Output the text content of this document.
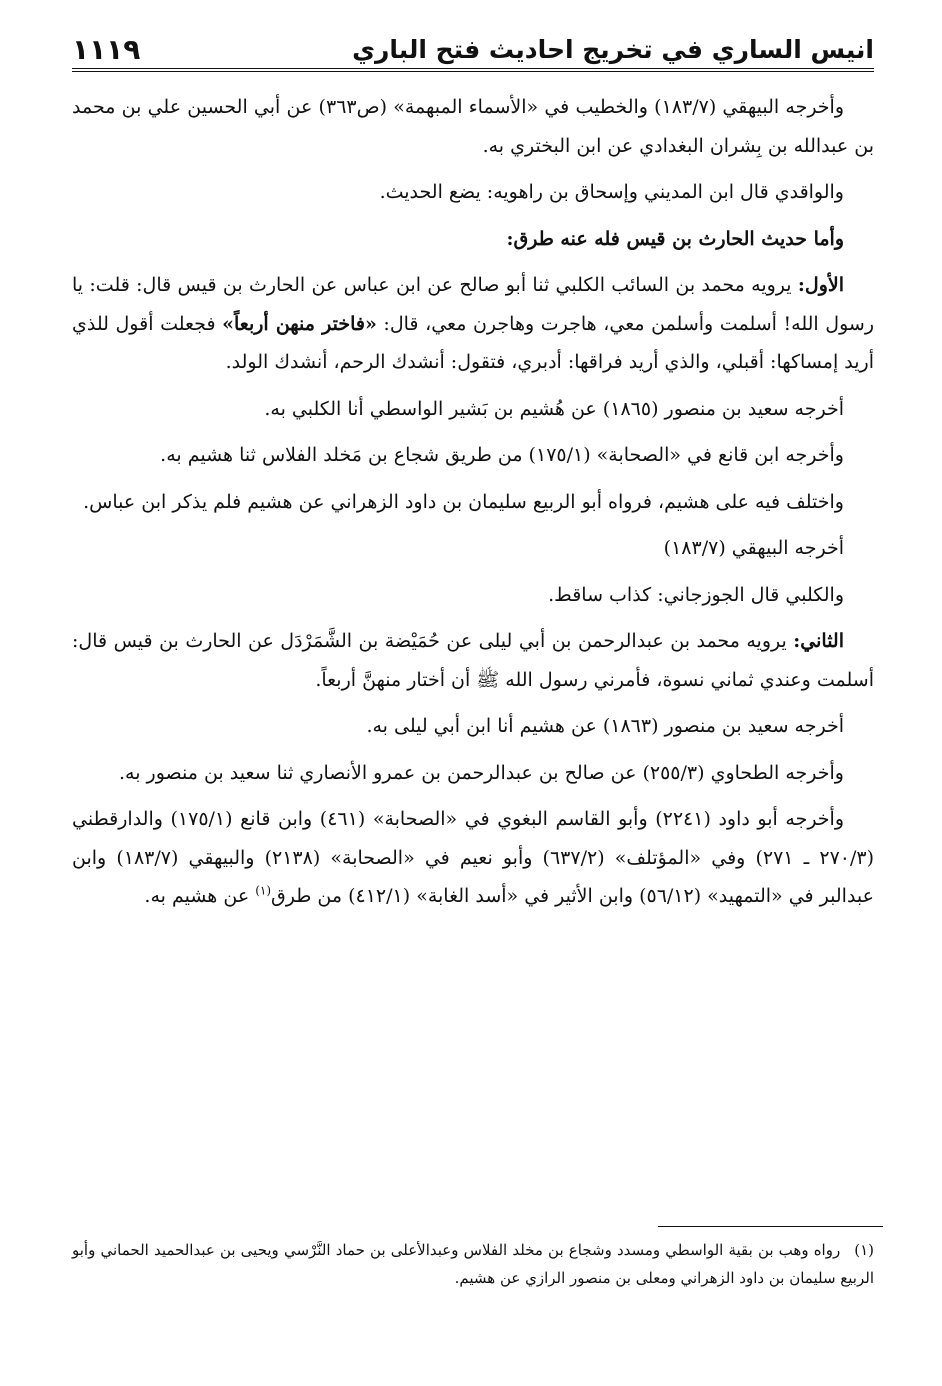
انيس الساري في تخريج احاديث فتح الباري
١١١٩

وأخرجه البيهقي (١٨٣/٧) والخطيب في «الأسماء المبهمة» (ص٣٦٣) عن أبي الحسين علي بن محمد بن عبدالله بن بِشران البغدادي عن ابن البختري به.

والواقدي قال ابن المديني وإسحاق بن راهويه: يضع الحديث.

وأما حديث الحارث بن قيس فله عنه طرق:

الأول: يرويه محمد بن السائب الكلبي ثنا أبو صالح عن ابن عباس عن الحارث بن قيس قال: قلت: يا رسول الله! أسلمت وأسلمن معي، هاجرت وهاجرن معي، قال: «فاختر منهن أربعاً» فجعلت أقول للذي أريد إمساكها: أقبلي، والذي أريد فراقها: أدبري، فتقول: أنشدك الرحم، أنشدك الولد.

أخرجه سعيد بن منصور (١٨٦٥) عن هُشيم بن بَشير الواسطي أنا الكلبي به.

وأخرجه ابن قانع في «الصحابة» (١٧٥/١) من طريق شجاع بن مَخلد الفلاس ثنا هشيم به.

واختلف فيه على هشيم، فرواه أبو الربيع سليمان بن داود الزهراني عن هشيم فلم يذكر ابن عباس.

أخرجه البيهقي (١٨٣/٧)

والكلبي قال الجوزجاني: كذاب ساقط.

الثاني: يرويه محمد بن عبدالرحمن بن أبي ليلى عن حُمَيْضة بن الشَّمَرْدَل عن الحارث بن قيس قال: أسلمت وعندي ثماني نسوة، فأمرني رسول الله ﷺ أن أختار منهنَّ أربعاً.

أخرجه سعيد بن منصور (١٨٦٣) عن هشيم أنا ابن أبي ليلى به.

وأخرجه الطحاوي (٢٥٥/٣) عن صالح بن عبدالرحمن بن عمرو الأنصاري ثنا سعيد بن منصور به.

وأخرجه أبو داود (٢٢٤١) وأبو القاسم البغوي في «الصحابة» (٤٦١) وابن قانع (١٧٥/١) والدارقطني (٢٧٠/٣ ـ ٢٧١) وفي «المؤتلف» (٦٣٧/٢) وأبو نعيم في «الصحابة» (٢١٣٨) والبيهقي (١٨٣/٧) وابن عبدالبر في «التمهيد» (٥٦/١٢) وابن الأثير في «أسد الغابة» (٤١٢/١) من طرق$^{(١)}$ عن هشيم به.

(١)رواه وهب بن بقية الواسطي ومسدد وشجاع بن مخلد الفلاس وعبدالأعلى بن حماد النَّرْسي ويحيى بن عبدالحميد الحماني وأبو الربيع سليمان بن داود الزهراني ومعلى بن منصور الرازي عن هشيم.
